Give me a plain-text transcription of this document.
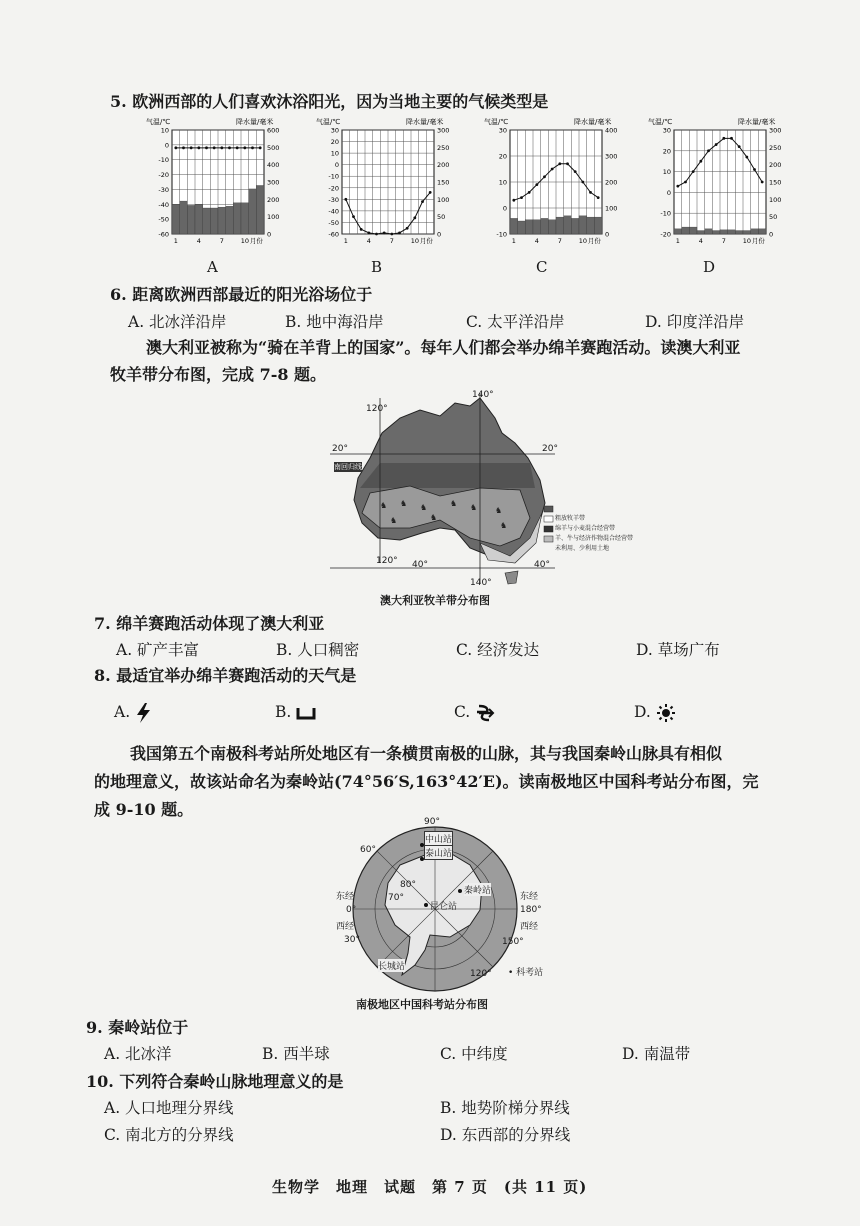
5. 欧洲西部的人们喜欢沐浴阳光，因为当地主要的气候类型是
气温/℃	降水量/毫米
10
0
-10
-20
-30
-40
-50
-60
600
500
400
300
200
100
0
1	4	7	10 月份
气温/℃	降水量/毫米
30
20
10
0
-10
-20
-30
-40
-50
-60
300
250
200
150
100
50
0
1	4	7	10 月份
气温/℃	降水量/毫米
30
20
10
0
-10
400
300
200
100
0
1	4	7	10 月份
气温/℃	降水量/毫米
30
20
10
0
-10
-20
300
250
200
150
100
50
0
1	4	7	10 月份
A	B	C	D
6. 距离欧洲西部最近的阳光浴场位于
A. 北冰洋沿岸	B. 地中海沿岸	C. 太平洋沿岸	D. 印度洋沿岸
澳大利亚被称为“骑在羊背上的国家”。每年人们都会举办绵羊赛跑活动。读澳大利亚
牧羊带分布图，完成 7-8 题。
♞ ♞ ♞	♞ ♞ ♞
♞	♞
♞
120°
140°
120°
140°
20°	20°
40°	40°
南回归线
粗放牧羊带
绵羊与小麦混合经营带
羊、牛与经济作物混合经营带
未利用、少利用土地
澳大利亚牧羊带分布图
7. 绵羊赛跑活动体现了澳大利亚
A. 矿产丰富	B. 人口稠密	C. 经济发达	D. 草场广布
8. 最适宜举办绵羊赛跑活动的天气是
A.	B.	C.	D.
我国第五个南极科考站所处地区有一条横贯南极的山脉，其与我国秦岭山脉具有相似
的地理意义，故该站命名为秦岭站(74°56′S,163°42′E)。读南极地区中国科考站分布图，完
成 9-10 题。
中山站
泰山站
昆仑站
秦岭站
长城站
90°
60°
30°
0°
150°
120°
180°
80°
70°
东经
西经
东经
西经
• 科考站
南极地区中国科考站分布图
9. 秦岭站位于
A. 北冰洋	B. 西半球	C. 中纬度	D. 南温带
10. 下列符合秦岭山脉地理意义的是
A. 人口地理分界线	B. 地势阶梯分界线
C. 南北方的分界线	D. 东西部的分界线
生物学　地理　试题　第 7 页　(共 11 页)
